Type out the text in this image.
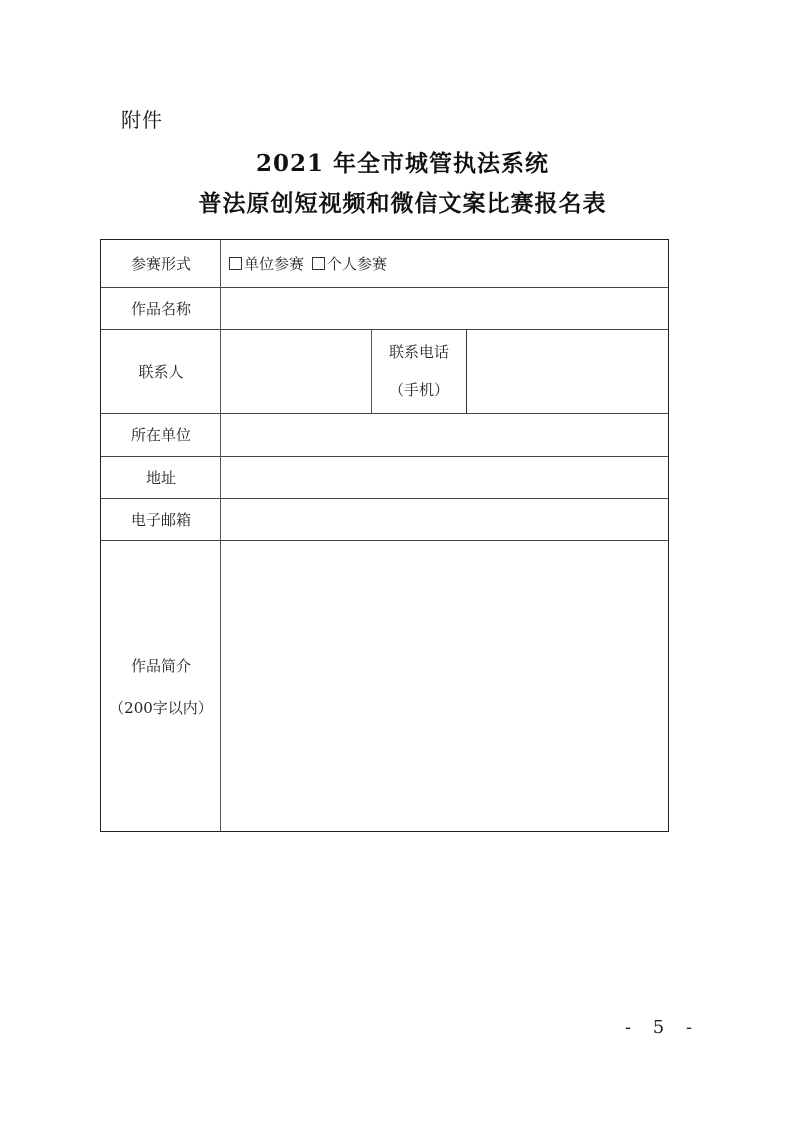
附件
2021 年全市城管执法系统
普法原创短视频和微信文案比赛报名表
参赛形式	单位参赛	个人参赛
作品名称
联系人
联系电话
（手机）
所在单位
地址
电子邮箱
作品简介
（200字以内）
- 5 -
